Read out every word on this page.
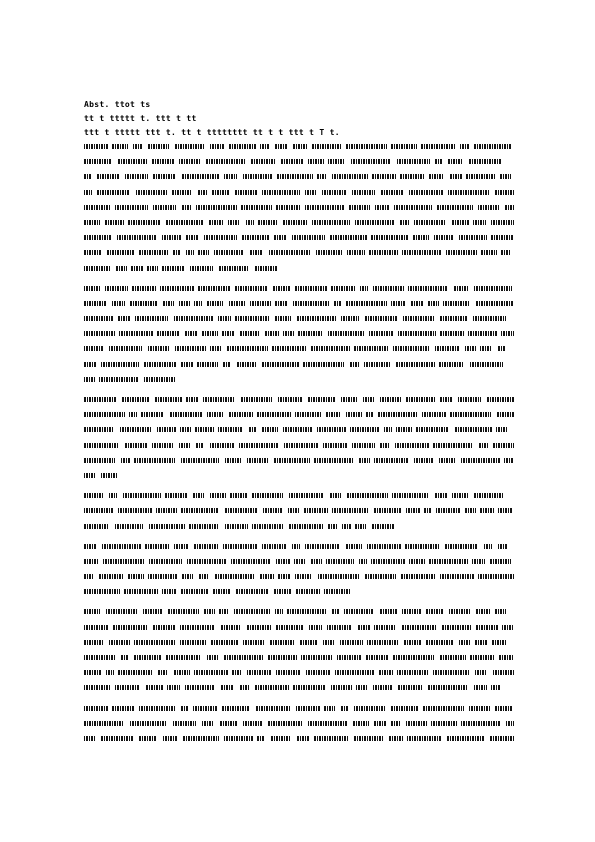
Abst. ttot ts
tt t ttttt t. ttt t tt
ttt t ttttt ttt t. tt t tttttttt tt t t ttt t T t.
